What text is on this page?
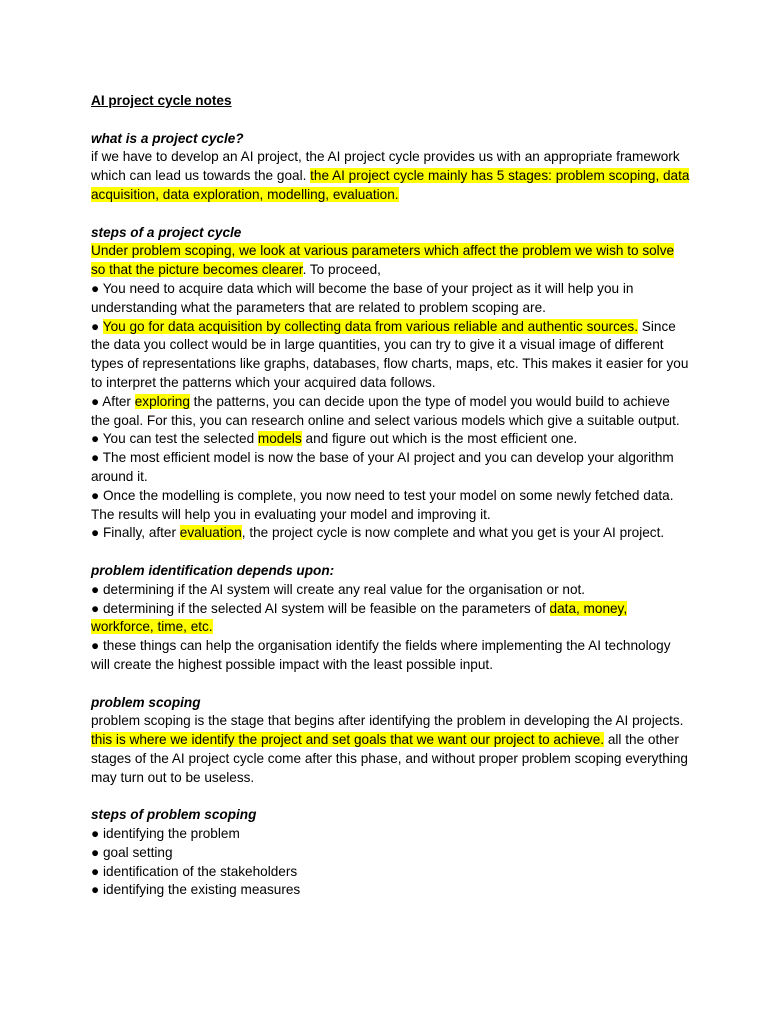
AI project cycle notes

what is a project cycle?

if we have to develop an AI project, the AI project cycle provides us with an appropriate framework which can lead us towards the goal. the AI project cycle mainly has 5 stages: problem scoping, data acquisition, data exploration, modelling, evaluation.

steps of a project cycle

Under problem scoping, we look at various parameters which affect the problem we wish to solve so that the picture becomes clearer. To proceed,

● You need to acquire data which will become the base of your project as it will help you in understanding what the parameters that are related to problem scoping are.

● You go for data acquisition by collecting data from various reliable and authentic sources. Since the data you collect would be in large quantities, you can try to give it a visual image of different types of representations like graphs, databases, flow charts, maps, etc. This makes it easier for you to interpret the patterns which your acquired data follows.

● After exploring the patterns, you can decide upon the type of model you would build to achieve the goal. For this, you can research online and select various models which give a suitable output.

● You can test the selected models and figure out which is the most efficient one.

● The most efficient model is now the base of your AI project and you can develop your algorithm around it.

● Once the modelling is complete, you now need to test your model on some newly fetched data. The results will help you in evaluating your model and improving it.

● Finally, after evaluation, the project cycle is now complete and what you get is your AI project.

problem identification depends upon:

● determining if the AI system will create any real value for the organisation or not.

● determining if the selected AI system will be feasible on the parameters of data, money, workforce, time, etc.

● these things can help the organisation identify the fields where implementing the AI technology will create the highest possible impact with the least possible input.

problem scoping

problem scoping is the stage that begins after identifying the problem in developing the AI projects. this is where we identify the project and set goals that we want our project to achieve. all the other stages of the AI project cycle come after this phase, and without proper problem scoping everything may turn out to be useless.

steps of problem scoping

● identifying the problem

● goal setting

● identification of the stakeholders

● identifying the existing measures
